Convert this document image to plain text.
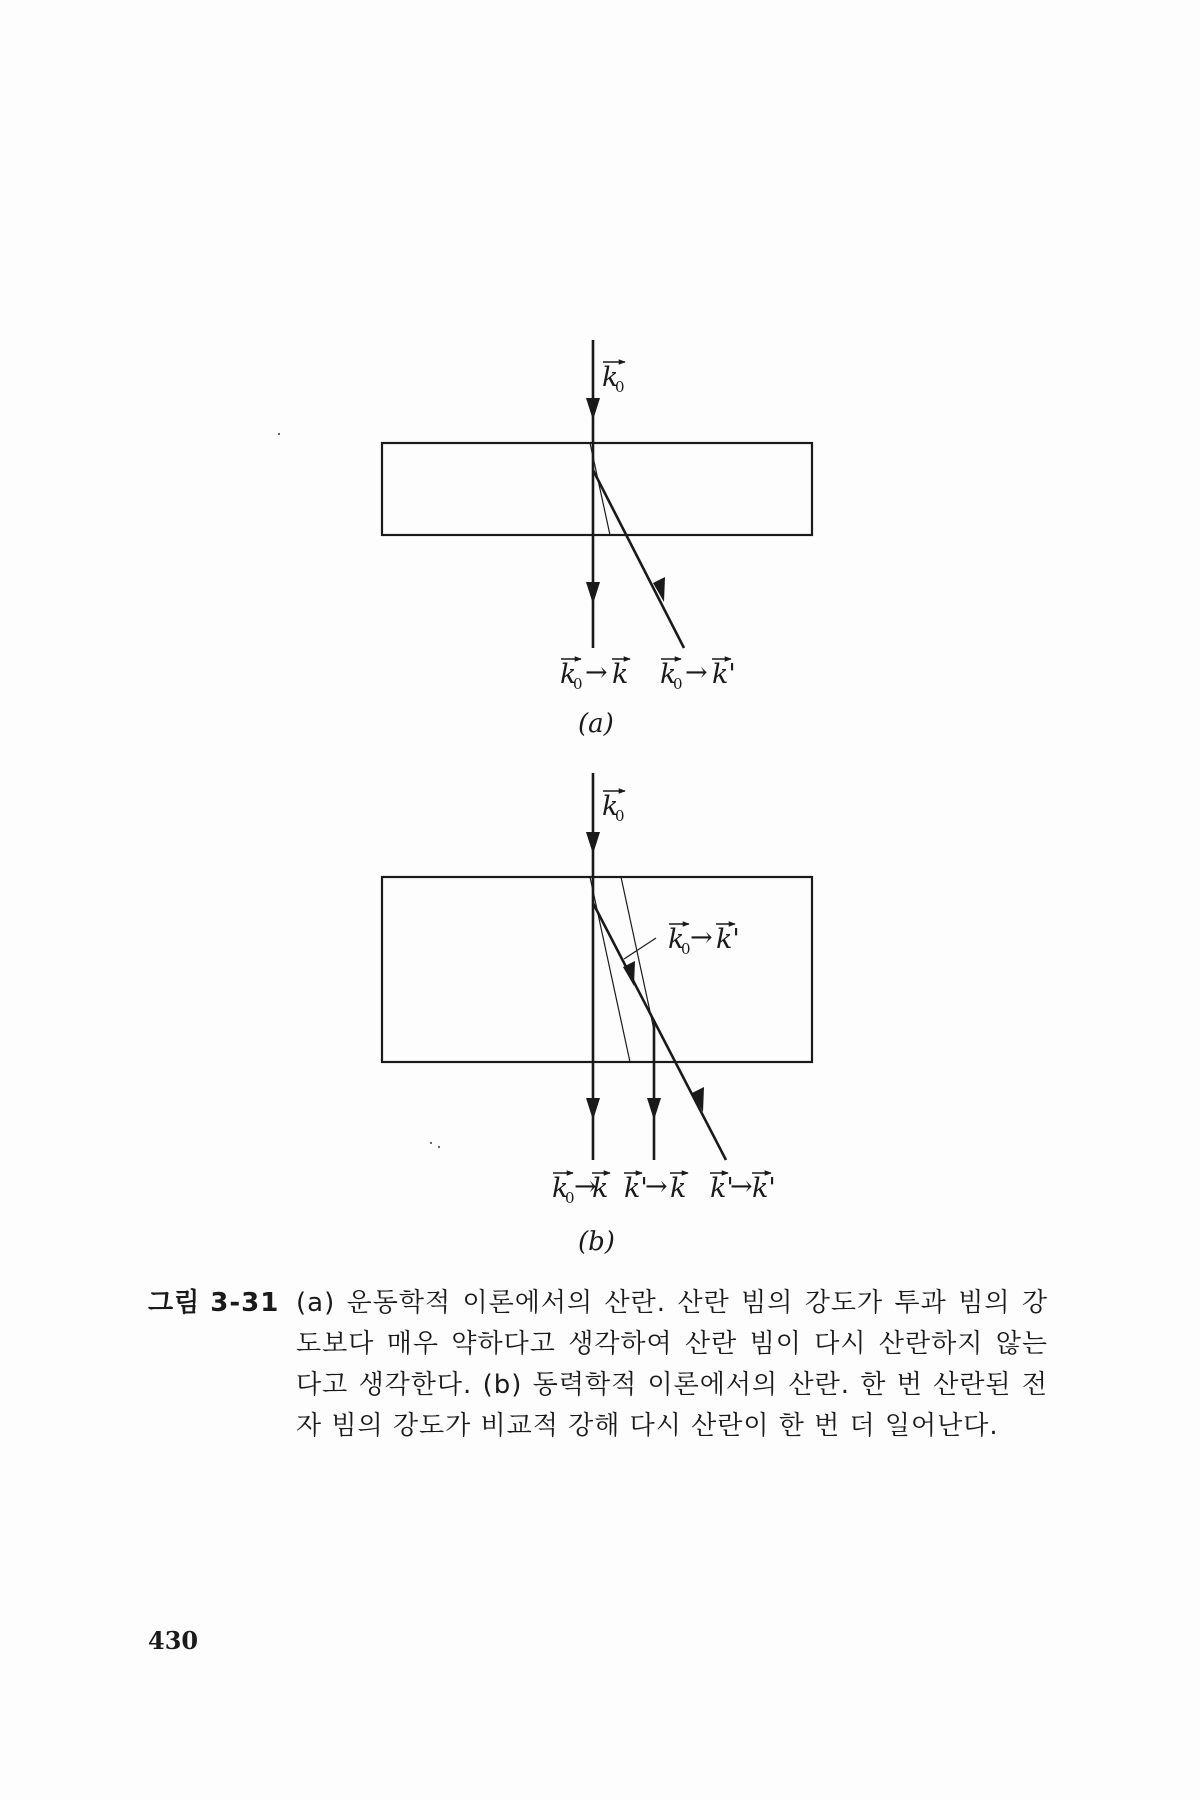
k
0
k
0 → k k
0 → k'
(a)
k
0 → k'
k
0
k
0 →
k k'
→ k k'
→ k'
(b)
그림 3-31 (a) 운동학적 이론에서의 산란. 산란 빔의 강도가 투과 빔의 강도보다 매우 약하다고 생각하여 산란 빔이 다시 산란하지 않는다고 생각한다. (b) 동력학적 이론에서의 산란. 한 번 산란된 전자 빔의 강도가 비교적 강해 다시 산란이 한 번 더 일어난다.
430
